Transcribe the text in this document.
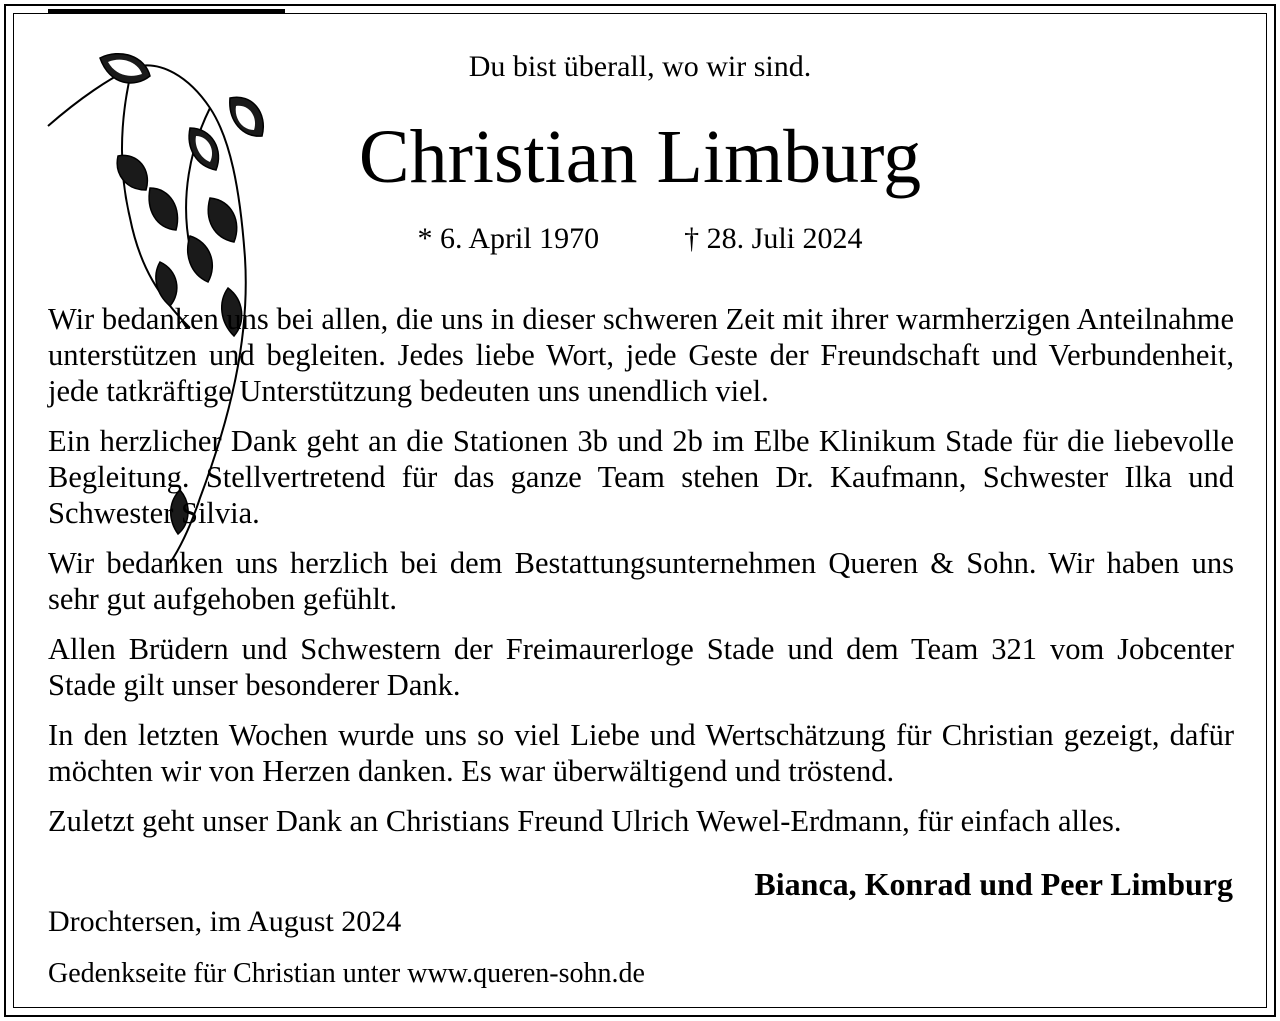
Du bist überall, wo wir sind.
Christian Limburg
* 6. April 1970	† 28. Juli 2024

Wir bedanken uns bei allen, die uns in dieser schweren Zeit mit ihrer warmherzigen Anteilnahme unterstützen und begleiten. Jedes liebe Wort, jede Geste der Freundschaft und Verbundenheit, jede tatkräftige Unterstützung bedeuten uns unendlich viel.

Ein herzlicher Dank geht an die Stationen 3b und 2b im Elbe Klinikum Stade für die liebevolle Begleitung. Stellvertretend für das ganze Team stehen Dr. Kaufmann, Schwester Ilka und Schwester Silvia.

Wir bedanken uns herzlich bei dem Bestattungsunternehmen Queren & Sohn. Wir haben uns sehr gut aufgehoben gefühlt.

Allen Brüdern und Schwestern der Freimaurerloge Stade und dem Team 321 vom Jobcenter Stade gilt unser besonderer Dank.

In den letzten Wochen wurde uns so viel Liebe und Wertschätzung für Christian gezeigt, dafür möchten wir von Herzen danken. Es war überwältigend und tröstend.

Zuletzt geht unser Dank an Christians Freund Ulrich Wewel-Erdmann, für einfach alles.

Bianca, Konrad und Peer Limburg
Drochtersen, im August 2024
Gedenkseite für Christian unter www.queren-sohn.de
